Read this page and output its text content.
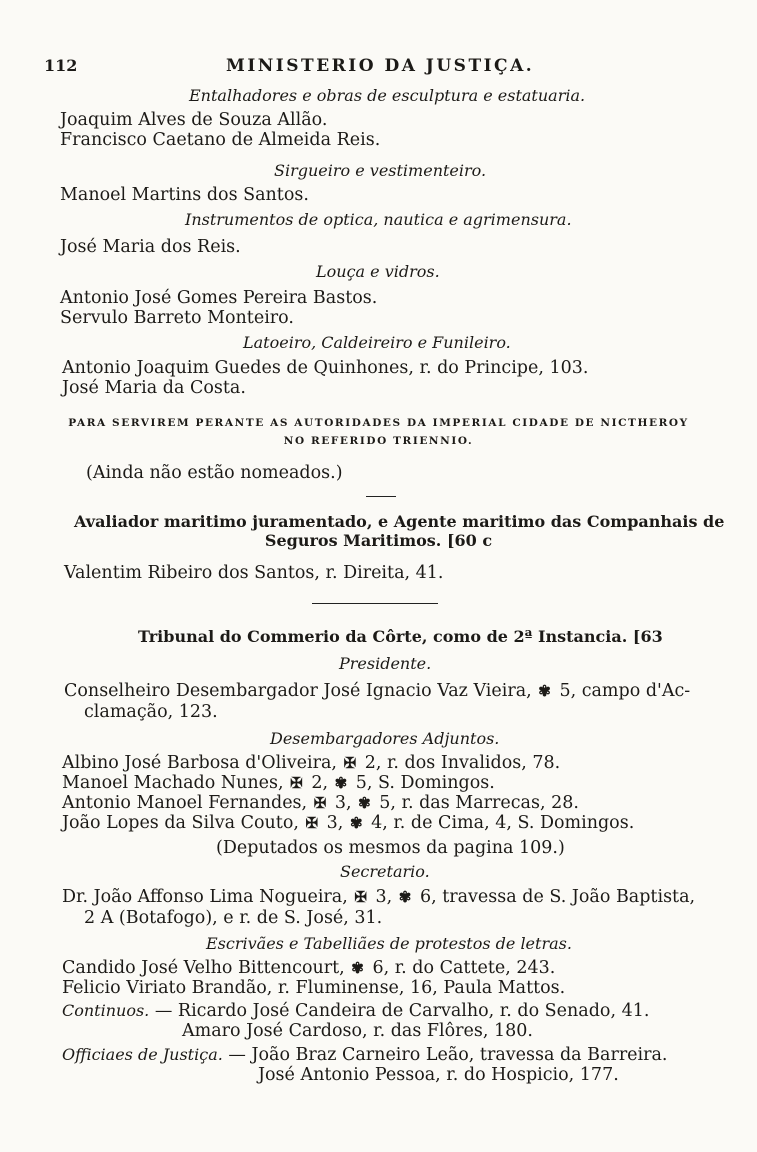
112	MINISTERIO DA JUSTIÇA.
Entalhadores e obras de esculptura e estatuaria.
Joaquim Alves de Souza Allão.
Francisco Caetano de Almeida Reis.
Sirgueiro e vestimenteiro.
Manoel Martins dos Santos.
Instrumentos de optica, nautica e agrimensura.
José Maria dos Reis.
Louça e vidros.
Antonio José Gomes Pereira Bastos.
Servulo Barreto Monteiro.
Latoeiro, Caldeireiro e Funileiro.
Antonio Joaquim Guedes de Quinhones, r. do Principe, 103.
José Maria da Costa.
PARA SERVIREM PERANTE AS AUTORIDADES DA IMPERIAL CIDADE DE NICTHEROY
NO REFERIDO TRIENNIO.
(Ainda não estão nomeados.)
Avaliador maritimo juramentado, e Agente maritimo das Companhais de
Seguros Maritimos. [60 c
Valentim Ribeiro dos Santos, r. Direita, 41.
Tribunal do Commerio da Côrte, como de 2ª Instancia. [63
Presidente.
Conselheiro Desembargador José Ignacio Vaz Vieira, ✾ 5, campo d'Ac-
clamação, 123.
Desembargadores Adjuntos.
Albino José Barbosa d'Oliveira, ✠ 2, r. dos Invalidos, 78.
Manoel Machado Nunes, ✠ 2, ✾ 5, S. Domingos.
Antonio Manoel Fernandes, ✠ 3, ✾ 5, r. das Marrecas, 28.
João Lopes da Silva Couto, ✠ 3, ✾ 4, r. de Cima, 4, S. Domingos.
(Deputados os mesmos da pagina 109.)
Secretario.
Dr. João Affonso Lima Nogueira, ✠ 3, ✾ 6, travessa de S. João Baptista,
2 A (Botafogo), e r. de S. José, 31.
Escrivães e Tabelliães de protestos de letras.
Candido José Velho Bittencourt, ✾ 6, r. do Cattete, 243.
Felicio Viriato Brandão, r. Fluminense, 16, Paula Mattos.
Continuos. — Ricardo José Candeira de Carvalho, r. do Senado, 41.
Amaro José Cardoso, r. das Flôres, 180.
Officiaes de Justiça. — João Braz Carneiro Leão, travessa da Barreira.
José Antonio Pessoa, r. do Hospicio, 177.
